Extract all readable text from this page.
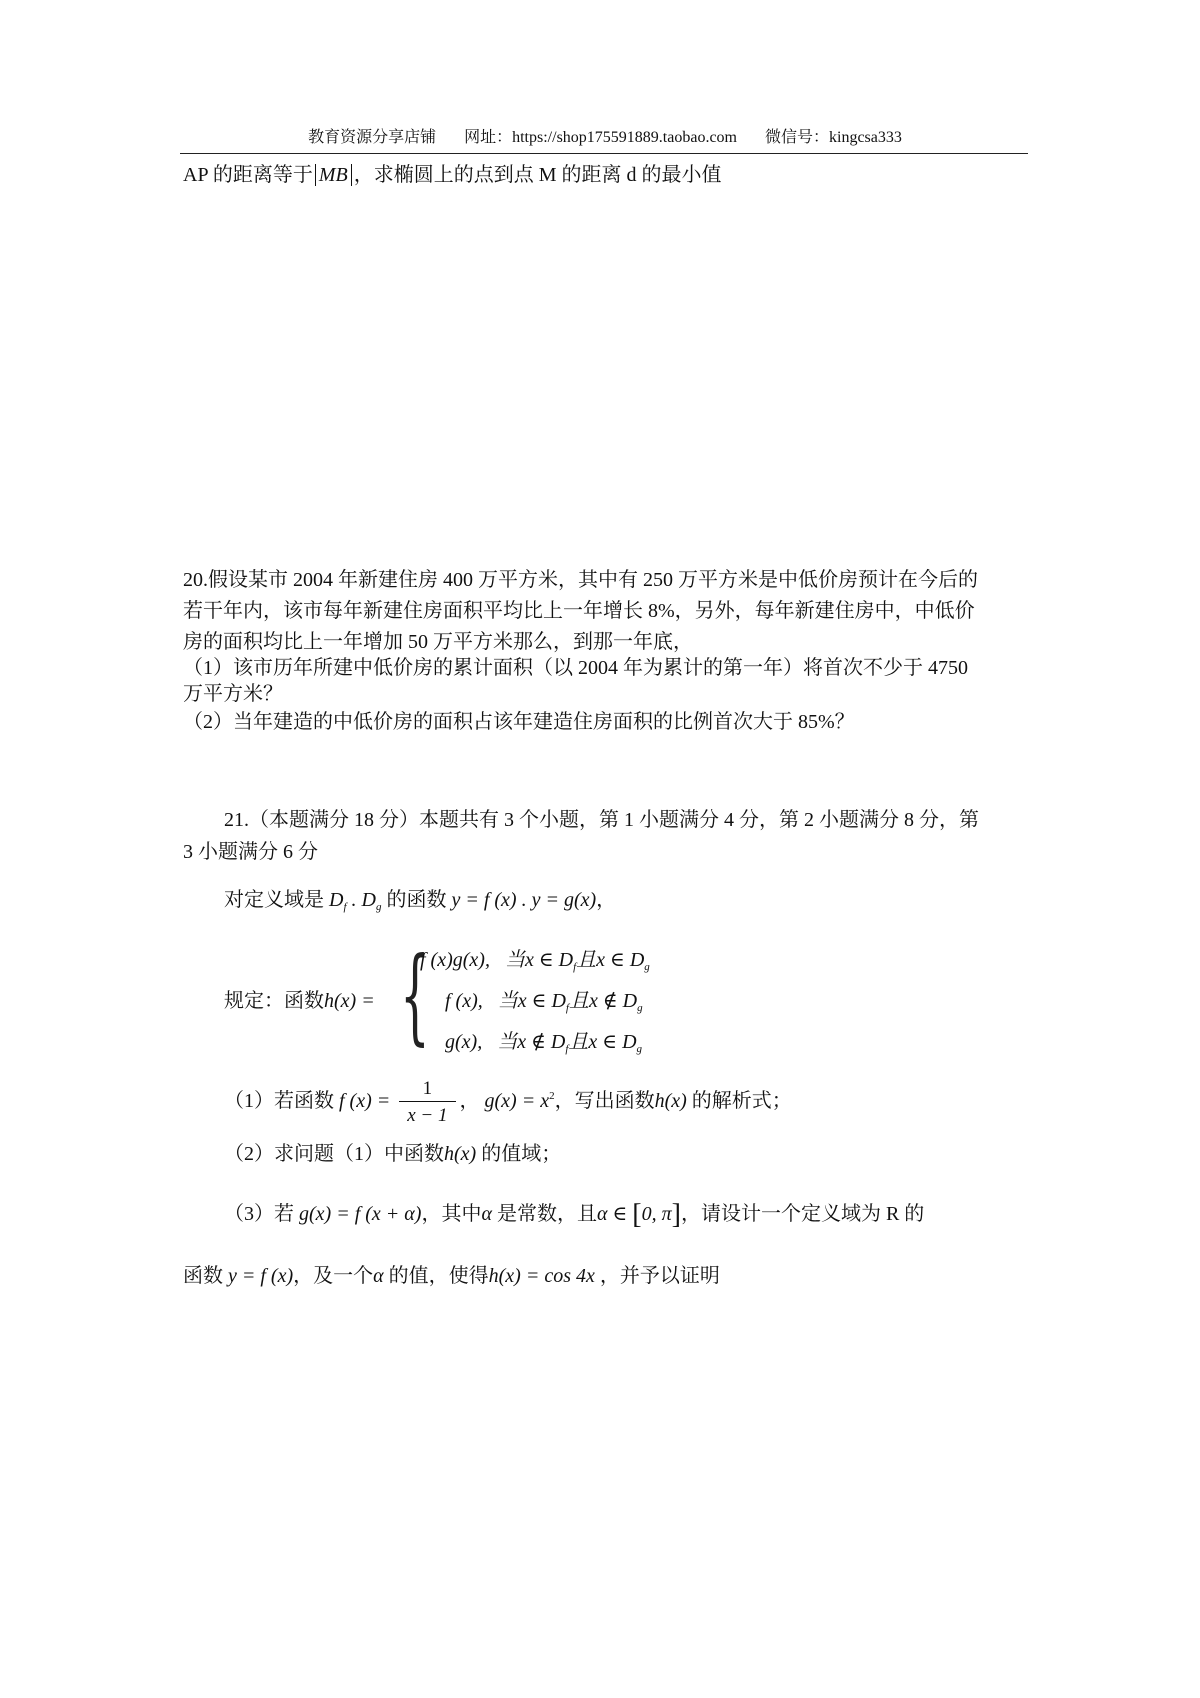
教育资源分享店铺 网址：https://shop175591889.taobao.com 微信号：kingcsa333
AP 的距离等于 MB ，求椭圆上的点到点 M 的距离 d 的最小值
20.假设某市 2004 年新建住房 400 万平方米，其中有 250 万平方米是中低价房预计在今后的
若干年内，该市每年新建住房面积平均比上一年增长 8%，另外，每年新建住房中，中低价
房的面积均比上一年增加 50 万平方米那么，到那一年底，
（1）该市历年所建中低价房的累计面积（以 2004 年为累计的第一年）将首次不少于 4750
万平方米？
（2）当年建造的中低价房的面积占该年建造住房面积的比例首次大于 85%？
21.（本题满分 18 分）本题共有 3 个小题，第 1 小题满分 4 分，第 2 小题满分 8 分，第
3 小题满分 6 分
对定义域是 $D_f$ . $D_g$ 的函数 y = f (x) . y = g(x)，
规定：函数h(x) = {
f (x)g(x), 当x ∈ $D_f$且x ∈ $D_g$
f (x), 当x ∈ $D_f$且x ∉ $D_g$
g(x), 当x ∉ $D_f$且x ∈ $D_g$
（1）若函数 f $(x) = \frac{1}{x - 1}$ ， $g(x) = x^2$，写出函数h(x) 的解析式；
（2）求问题（1）中函数h(x) 的值域；
（3）若 g(x) = f (x + α)，其中α 是常数，且α ∈ [0, π]，请设计一个定义域为 R 的
函数 y = f (x)，及一个α 的值，使得h(x) = cos 4x ，并予以证明
